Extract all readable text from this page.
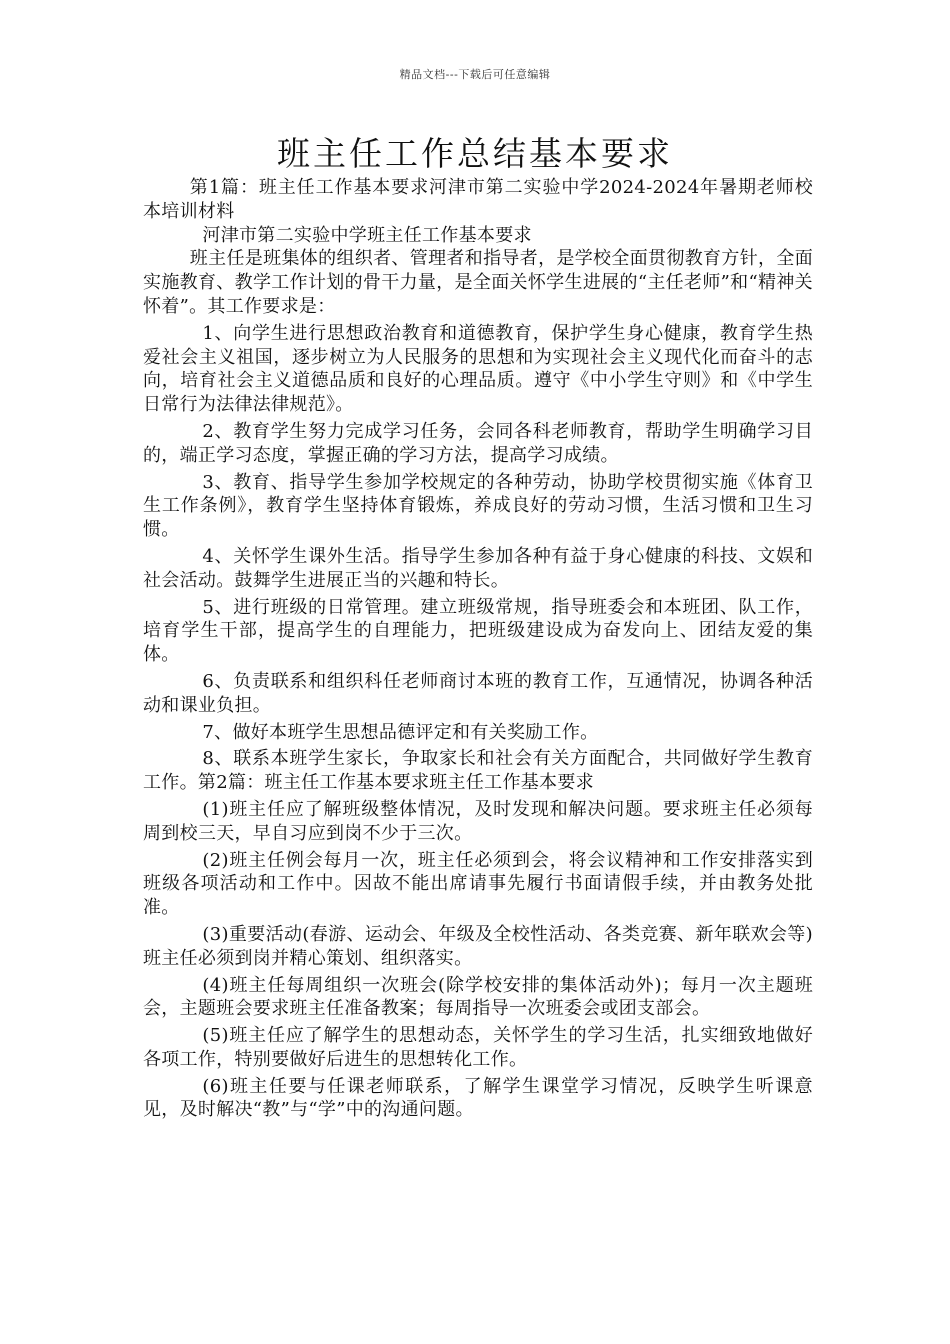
精品文档---下载后可任意编辑
班主任工作总结基本要求

第1篇：班主任工作基本要求河津市第二实验中学2024-2024年暑期老师校本培训材料

河津市第二实验中学班主任工作基本要求

班主任是班集体的组织者、管理者和指导者，是学校全面贯彻教育方针，全面实施教育、教学工作计划的骨干力量，是全面关怀学生进展的“主任老师”和“精神关怀着”。其工作要求是：

1、向学生进行思想政治教育和道德教育，保护学生身心健康，教育学生热爱社会主义祖国，逐步树立为人民服务的思想和为实现社会主义现代化而奋斗的志向，培育社会主义道德品质和良好的心理品质。遵守《中小学生守则》和《中学生日常行为法律法律规范》。

2、教育学生努力完成学习任务，会同各科老师教育，帮助学生明确学习目的，端正学习态度，掌握正确的学习方法，提高学习成绩。

3、教育、指导学生参加学校规定的各种劳动，协助学校贯彻实施《体育卫生工作条例》，教育学生坚持体育锻炼，养成良好的劳动习惯，生活习惯和卫生习惯。

4、关怀学生课外生活。指导学生参加各种有益于身心健康的科技、文娱和社会活动。鼓舞学生进展正当的兴趣和特长。

5、进行班级的日常管理。建立班级常规，指导班委会和本班团、队工作，培育学生干部，提高学生的自理能力，把班级建设成为奋发向上、团结友爱的集体。

6、负责联系和组织科任老师商讨本班的教育工作，互通情况，协调各种活动和课业负担。

7、做好本班学生思想品德评定和有关奖励工作。

8、联系本班学生家长，争取家长和社会有关方面配合，共同做好学生教育工作。第2篇：班主任工作基本要求班主任工作基本要求

(1)班主任应了解班级整体情况，及时发现和解决问题。要求班主任必须每周到校三天，早自习应到岗不少于三次。

(2)班主任例会每月一次，班主任必须到会，将会议精神和工作安排落实到班级各项活动和工作中。因故不能出席请事先履行书面请假手续，并由教务处批准。

(3)重要活动(春游、运动会、年级及全校性活动、各类竞赛、新年联欢会等)班主任必须到岗并精心策划、组织落实。

(4)班主任每周组织一次班会(除学校安排的集体活动外)；每月一次主题班会，主题班会要求班主任准备教案；每周指导一次班委会或团支部会。

(5)班主任应了解学生的思想动态，关怀学生的学习生活，扎实细致地做好各项工作，特别要做好后进生的思想转化工作。

(6)班主任要与任课老师联系，了解学生课堂学习情况，反映学生听课意见，及时解决“教”与“学”中的沟通问题。
